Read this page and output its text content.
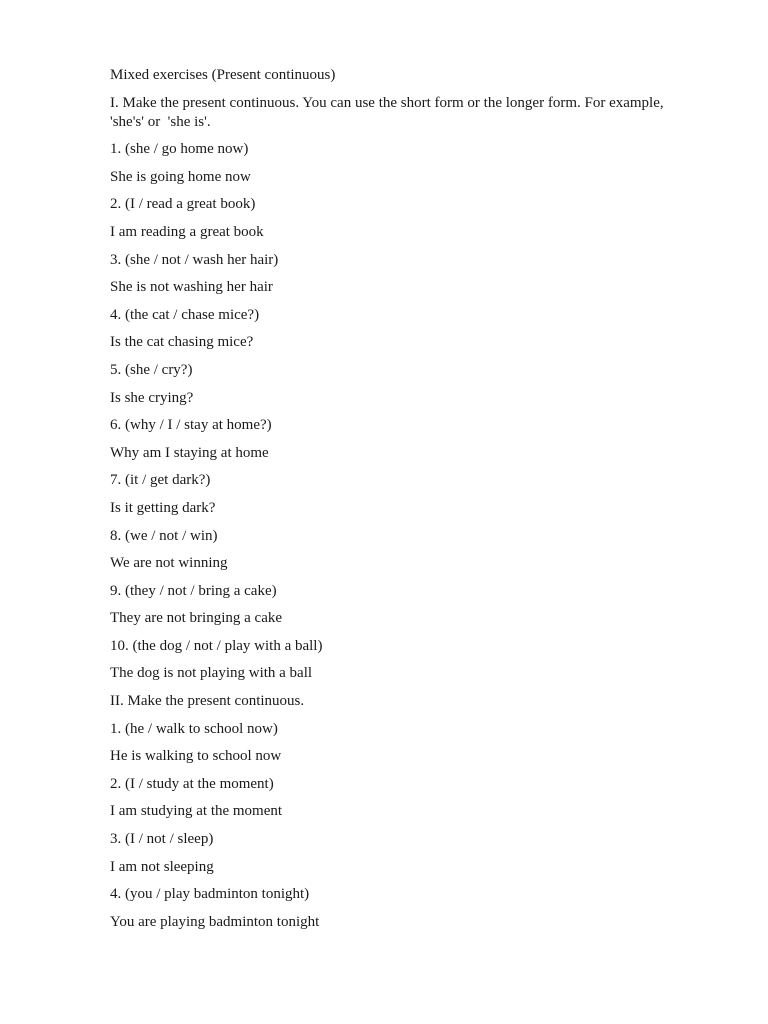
Mixed exercises (Present continuous)
I. Make the present continuous. You can use the short form or the longer form. For example, 'she's' or  'she is'.
1. (she / go home now)
She is going home now
2. (I / read a great book)
I am reading a great book
3. (she / not / wash her hair)
She is not washing her hair
4. (the cat / chase mice?)
Is the cat chasing mice?
5. (she / cry?)
Is she crying?
6. (why / I / stay at home?)
Why am I staying at home
7. (it / get dark?)
Is it getting dark?
8. (we / not / win)
We are not winning
9. (they / not / bring a cake)
They are not bringing a cake
10. (the dog / not / play with a ball)
The dog is not playing with a ball
II. Make the present continuous.
1. (he / walk to school now)
He is walking to school now
2. (I / study at the moment)
I am studying at the moment
3. (I / not / sleep)
I am not sleeping
4. (you / play badminton tonight)
You are playing badminton tonight
